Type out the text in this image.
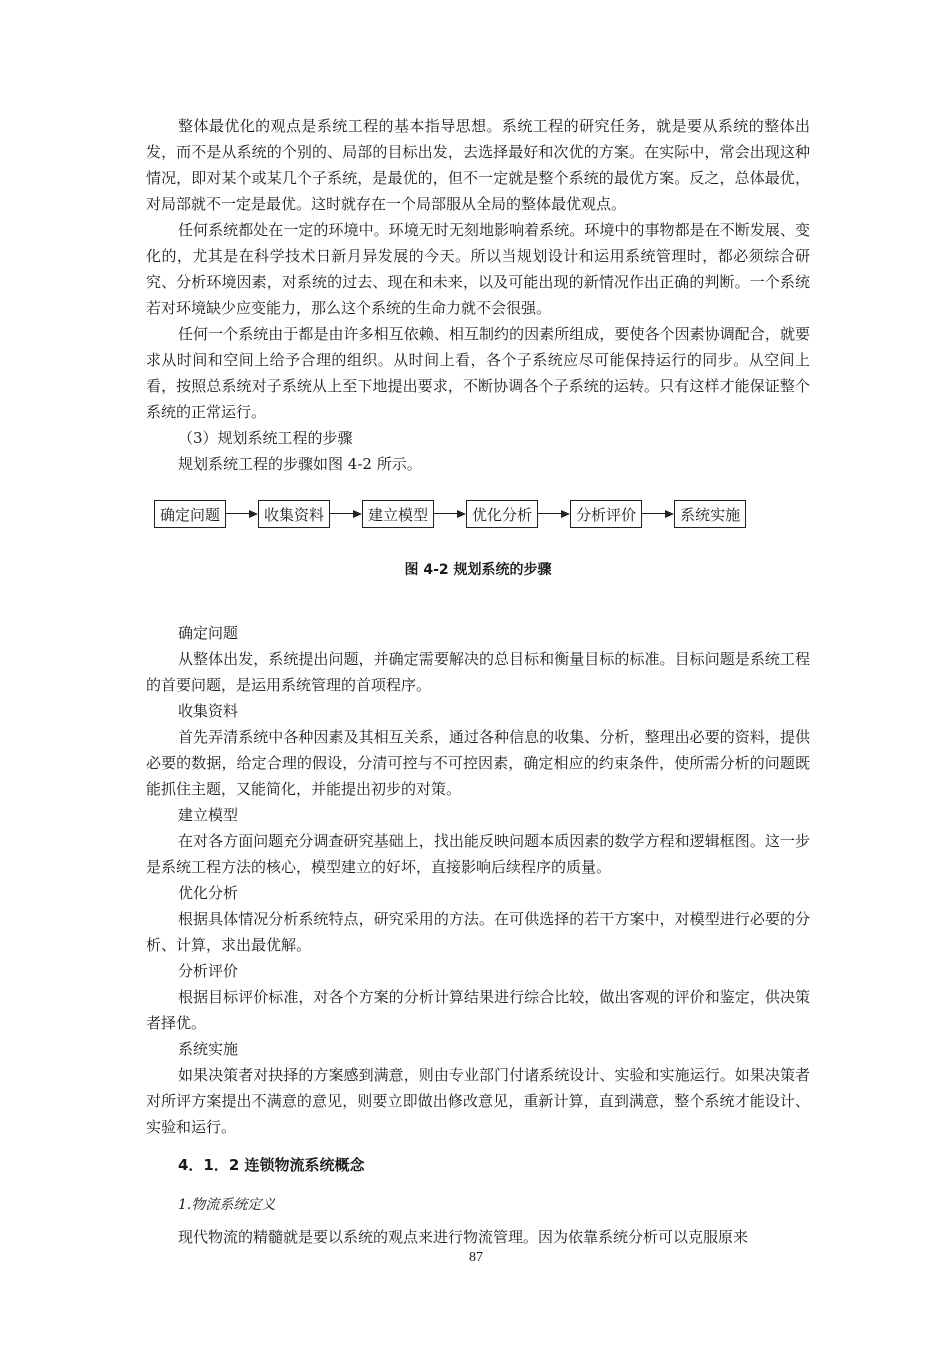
整体最优化的观点是系统工程的基本指导思想。系统工程的研究任务，就是要从系统的整体出发，而不是从系统的个别的、局部的目标出发，去选择最好和次优的方案。在实际中，常会出现这种情况，即对某个或某几个子系统，是最优的，但不一定就是整个系统的最优方案。反之，总体最优，对局部就不一定是最优。这时就存在一个局部服从全局的整体最优观点。

任何系统都处在一定的环境中。环境无时无刻地影响着系统。环境中的事物都是在不断发展、变化的，尤其是在科学技术日新月异发展的今天。所以当规划设计和运用系统管理时，都必须综合研究、分析环境因素，对系统的过去、现在和未来，以及可能出现的新情况作出正确的判断。一个系统若对环境缺少应变能力，那么这个系统的生命力就不会很强。

任何一个系统由于都是由许多相互依赖、相互制约的因素所组成，要使各个因素协调配合，就要求从时间和空间上给予合理的组织。从时间上看，各个子系统应尽可能保持运行的同步。从空间上看，按照总系统对子系统从上至下地提出要求，不断协调各个子系统的运转。只有这样才能保证整个系统的正常运行。

（3）规划系统工程的步骤

规划系统工程的步骤如图 4-2 所示。

确定问题	收集资料	建立模型	优化分析	分析评价	系统实施
图 4-2 规划系统的步骤

确定问题

从整体出发，系统提出问题，并确定需要解决的总目标和衡量目标的标准。目标问题是系统工程的首要问题，是运用系统管理的首项程序。

收集资料

首先弄清系统中各种因素及其相互关系，通过各种信息的收集、分析，整理出必要的资料，提供必要的数据，给定合理的假设，分清可控与不可控因素，确定相应的约束条件，使所需分析的问题既能抓住主题，又能简化，并能提出初步的对策。

建立模型

在对各方面问题充分调查研究基础上，找出能反映问题本质因素的数学方程和逻辑框图。这一步是系统工程方法的核心，模型建立的好坏，直接影响后续程序的质量。

优化分析

根据具体情况分析系统特点，研究采用的方法。在可供选择的若干方案中，对模型进行必要的分析、计算，求出最优解。

分析评价

根据目标评价标准，对各个方案的分析计算结果进行综合比较，做出客观的评价和鉴定，供决策者择优。

系统实施

如果决策者对抉择的方案感到满意，则由专业部门付诸系统设计、实验和实施运行。如果决策者对所评方案提出不满意的意见，则要立即做出修改意见，重新计算，直到满意，整个系统才能设计、实验和运行。

4．1．2 连锁物流系统概念
1.物流系统定义

现代物流的精髓就是要以系统的观点来进行物流管理。因为依靠系统分析可以克服原来

87
